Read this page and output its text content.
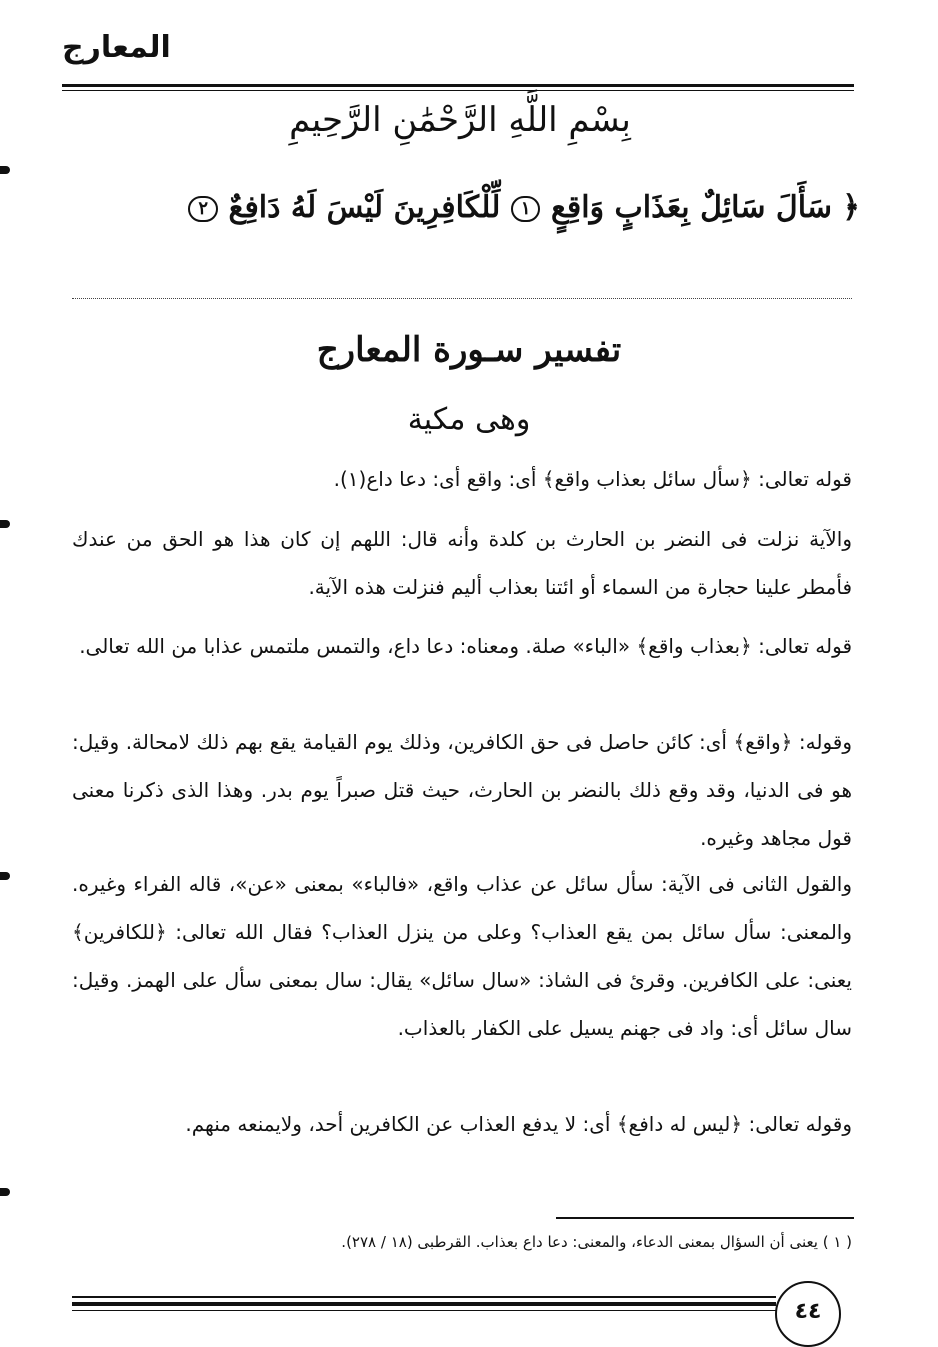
المعارج
بِسْمِ اللَّهِ الرَّحْمَٰنِ الرَّحِيمِ
﴿ سَأَلَ سَائِلٌ بِعَذَابٍ وَاقِعٍ ١ لِّلْكَافِرِينَ لَيْسَ لَهُ دَافِعٌ ٢
تفسير سـورة المعارج
وهى مكية
قوله تعالى: ﴿سأل سائل بعذاب واقع﴾ أى: واقع أى: دعا داع(١).
والآية نزلت فى النضر بن الحارث بن كلدة وأنه قال: اللهم إن كان هذا هو الحق من عندك فأمطر علينا حجارة من السماء أو ائتنا بعذاب أليم فنزلت هذه الآية.
قوله تعالى: ﴿بعذاب واقع﴾ «الباء» صلة. ومعناه: دعا داع، والتمس ملتمس عذابا من الله تعالى.
وقوله: ﴿واقع﴾ أى: كائن حاصل فى حق الكافرين، وذلك يوم القيامة يقع بهم ذلك لامحالة. وقيل: هو فى الدنيا، وقد وقع ذلك بالنضر بن الحارث، حيث قتل صبراً يوم بدر. وهذا الذى ذكرنا معنى قول مجاهد وغيره.
والقول الثانى فى الآية: سأل سائل عن عذاب واقع، «فالباء» بمعنى «عن»، قاله الفراء وغيره. والمعنى: سأل سائل بمن يقع العذاب؟ وعلى من ينزل العذاب؟ فقال الله تعالى: ﴿للكافرين﴾ يعنى: على الكافرين. وقرئ فى الشاذ: «سال سائل» يقال: سال بمعنى سأل على الهمز. وقيل: سال سائل أى: واد فى جهنم يسيل على الكفار بالعذاب.
وقوله تعالى: ﴿ليس له دافع﴾ أى: لا يدفع العذاب عن الكافرين أحد، ولايمنعه منهم.
( ١ ) يعنى أن السؤال بمعنى الدعاء، والمعنى: دعا داع بعذاب. القرطبى (١٨ / ٢٧٨).
٤٤
